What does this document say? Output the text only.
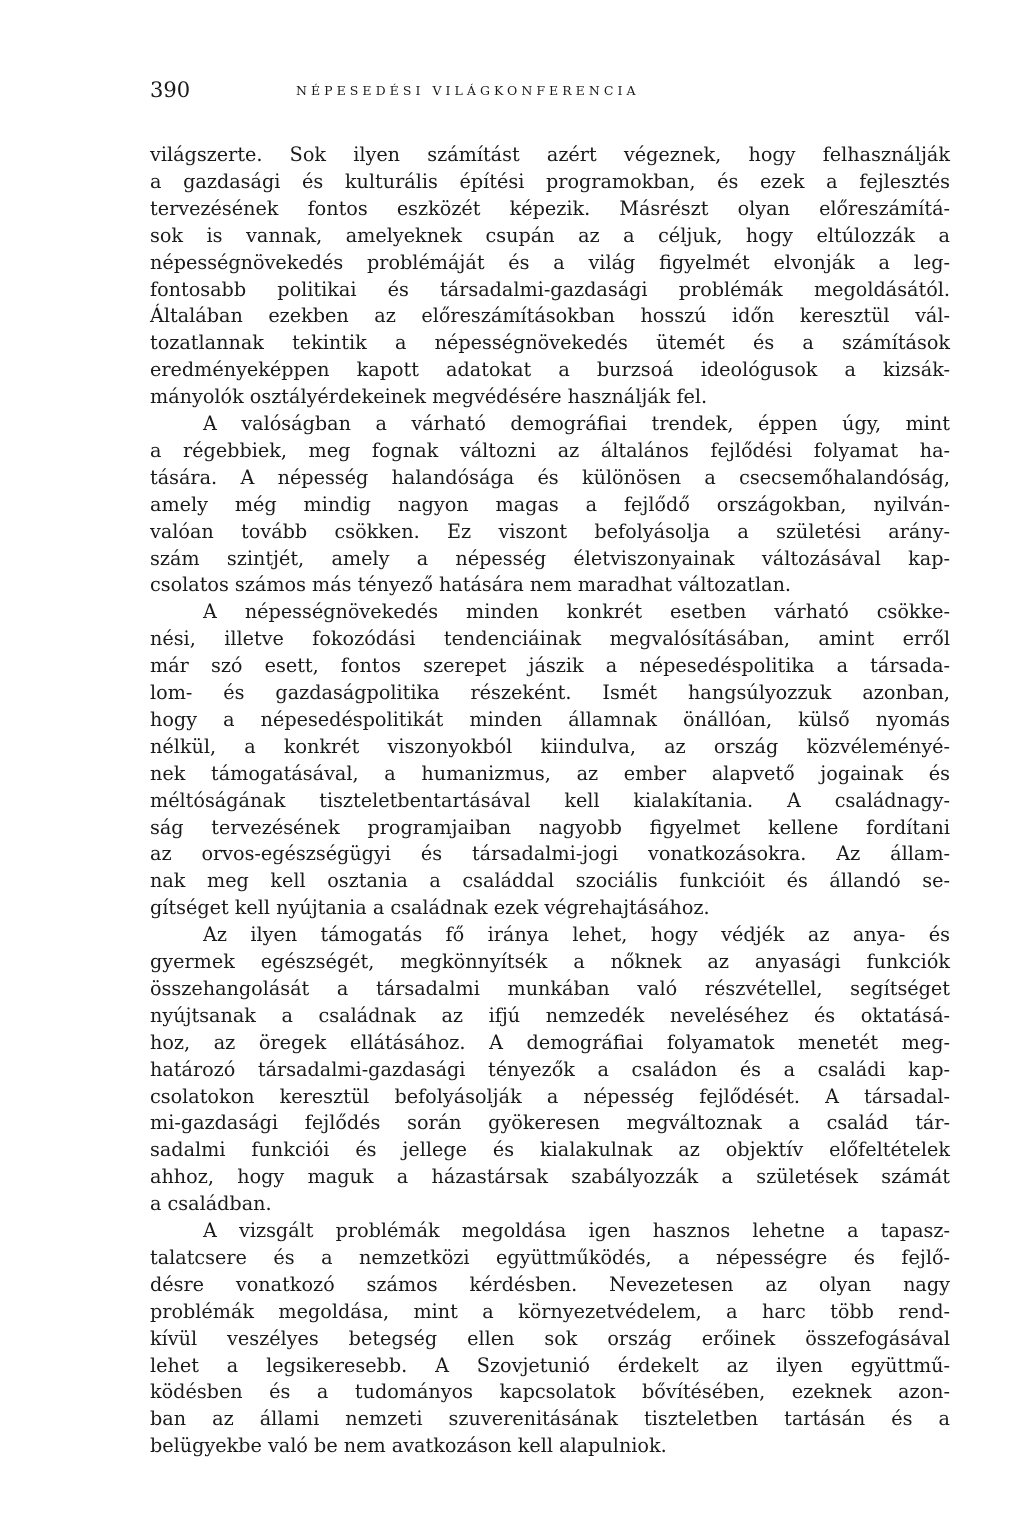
390	NÉPESEDÉSI VILÁGKONFERENCIA
világszerte. Sok ilyen számítást azért végeznek, hogy felhasználják
a gazdasági és kulturális építési programokban, és ezek a fejlesztés
tervezésének fontos eszközét képezik. Másrészt olyan előreszámítá-
sok is vannak, amelyeknek csupán az a céljuk, hogy eltúlozzák a
népességnövekedés problémáját és a világ figyelmét elvonják a leg-
fontosabb politikai és társadalmi-gazdasági problémák megoldásától.
Általában ezekben az előreszámításokban hosszú időn keresztül vál-
tozatlannak tekintik a népességnövekedés ütemét és a számítások
eredményeképpen kapott adatokat a burzsoá ideológusok a kizsák-
mányolók osztályérdekeinek megvédésére használják fel.
A valóságban a várható demográfiai trendek, éppen úgy, mint
a régebbiek, meg fognak változni az általános fejlődési folyamat ha-
tására. A népesség halandósága és különösen a csecsemőhalandóság,
amely még mindig nagyon magas a fejlődő országokban, nyilván-
valóan tovább csökken. Ez viszont befolyásolja a születési arány-
szám szintjét, amely a népesség életviszonyainak változásával kap-
csolatos számos más tényező hatására nem maradhat változatlan.
A népességnövekedés minden konkrét esetben várható csökke-
nési, illetve fokozódási tendenciáinak megvalósításában, amint erről
már szó esett, fontos szerepet jászik a népesedéspolitika a társada-
lom- és gazdaságpolitika részeként. Ismét hangsúlyozzuk azonban,
hogy a népesedéspolitikát minden államnak önállóan, külső nyomás
nélkül, a konkrét viszonyokból kiindulva, az ország közvéleményé-
nek támogatásával, a humanizmus, az ember alapvető jogainak és
méltóságának tiszteletbentartásával kell kialakítania. A családnagy-
ság tervezésének programjaiban nagyobb figyelmet kellene fordítani
az orvos-egészségügyi és társadalmi-jogi vonatkozásokra. Az állam-
nak meg kell osztania a családdal szociális funkcióit és állandó se-
gítséget kell nyújtania a családnak ezek végrehajtásához.
Az ilyen támogatás fő iránya lehet, hogy védjék az anya- és
gyermek egészségét, megkönnyítsék a nőknek az anyasági funkciók
összehangolását a társadalmi munkában való részvétellel, segítséget
nyújtsanak a családnak az ifjú nemzedék neveléséhez és oktatásá-
hoz, az öregek ellátásához. A demográfiai folyamatok menetét meg-
határozó társadalmi-gazdasági tényezők a családon és a családi kap-
csolatokon keresztül befolyásolják a népesség fejlődését. A társadal-
mi-gazdasági fejlődés során gyökeresen megváltoznak a család tár-
sadalmi funkciói és jellege és kialakulnak az objektív előfeltételek
ahhoz, hogy maguk a házastársak szabályozzák a születések számát
a családban.
A vizsgált problémák megoldása igen hasznos lehetne a tapasz-
talatcsere és a nemzetközi együttműködés, a népességre és fejlő-
désre vonatkozó számos kérdésben. Nevezetesen az olyan nagy
problémák megoldása, mint a környezetvédelem, a harc több rend-
kívül veszélyes betegség ellen sok ország erőinek összefogásával
lehet a legsikeresebb. A Szovjetunió érdekelt az ilyen együttmű-
ködésben és a tudományos kapcsolatok bővítésében, ezeknek azon-
ban az állami nemzeti szuverenitásának tiszteletben tartásán és a
belügyekbe való be nem avatkozáson kell alapulniok.
